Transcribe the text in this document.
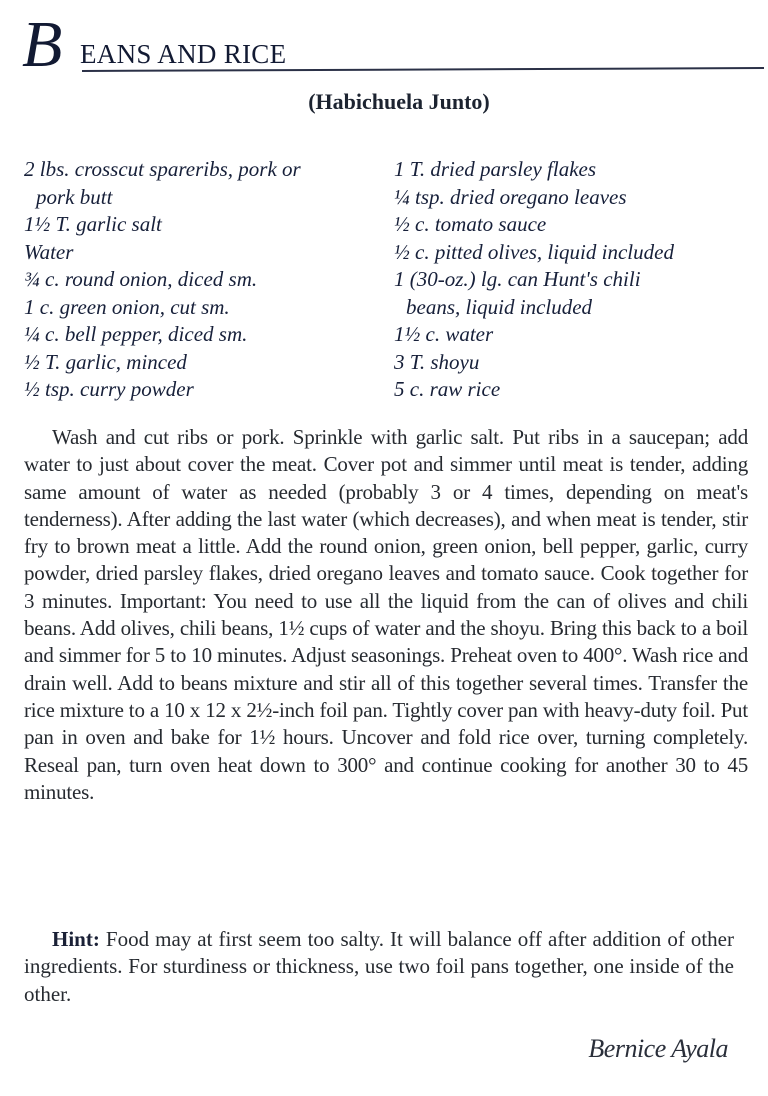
B EANS AND RICE
(Habichuela Junto)
2 lbs. crosscut spareribs, pork or
pork butt
1½ T. garlic salt
Water
¾ c. round onion, diced sm.
1 c. green onion, cut sm.
¼ c. bell pepper, diced sm.
½ T. garlic, minced
½ tsp. curry powder
1 T. dried parsley flakes
¼ tsp. dried oregano leaves
½ c. tomato sauce
½ c. pitted olives, liquid included
1 (30-oz.) lg. can Hunt's chili
beans, liquid included
1½ c. water
3 T. shoyu
5 c. raw rice
Wash and cut ribs or pork. Sprinkle with garlic salt. Put ribs in a saucepan; add water to just about cover the meat. Cover pot and simmer until meat is tender, adding same amount of water as needed (probably 3 or 4 times, depending on meat's tenderness). After adding the last water (which decreases), and when meat is tender, stir fry to brown meat a little. Add the round onion, green onion, bell pepper, garlic, curry powder, dried parsley flakes, dried oregano leaves and tomato sauce. Cook together for 3 minutes. Important: You need to use all the liquid from the can of olives and chili beans. Add olives, chili beans, 1½ cups of water and the shoyu. Bring this back to a boil and simmer for 5 to 10 minutes. Adjust seasonings. Preheat oven to 400°. Wash rice and drain well. Add to beans mixture and stir all of this together several times. Transfer the rice mixture to a 10 x 12 x 2½-inch foil pan. Tightly cover pan with heavy-duty foil. Put pan in oven and bake for 1½ hours. Uncover and fold rice over, turning completely. Reseal pan, turn oven heat down to 300° and continue cooking for another 30 to 45 minutes.
Hint: Food may at first seem too salty. It will balance off after addition of other ingredients. For sturdiness or thickness, use two foil pans together, one inside of the other.
Bernice Ayala
